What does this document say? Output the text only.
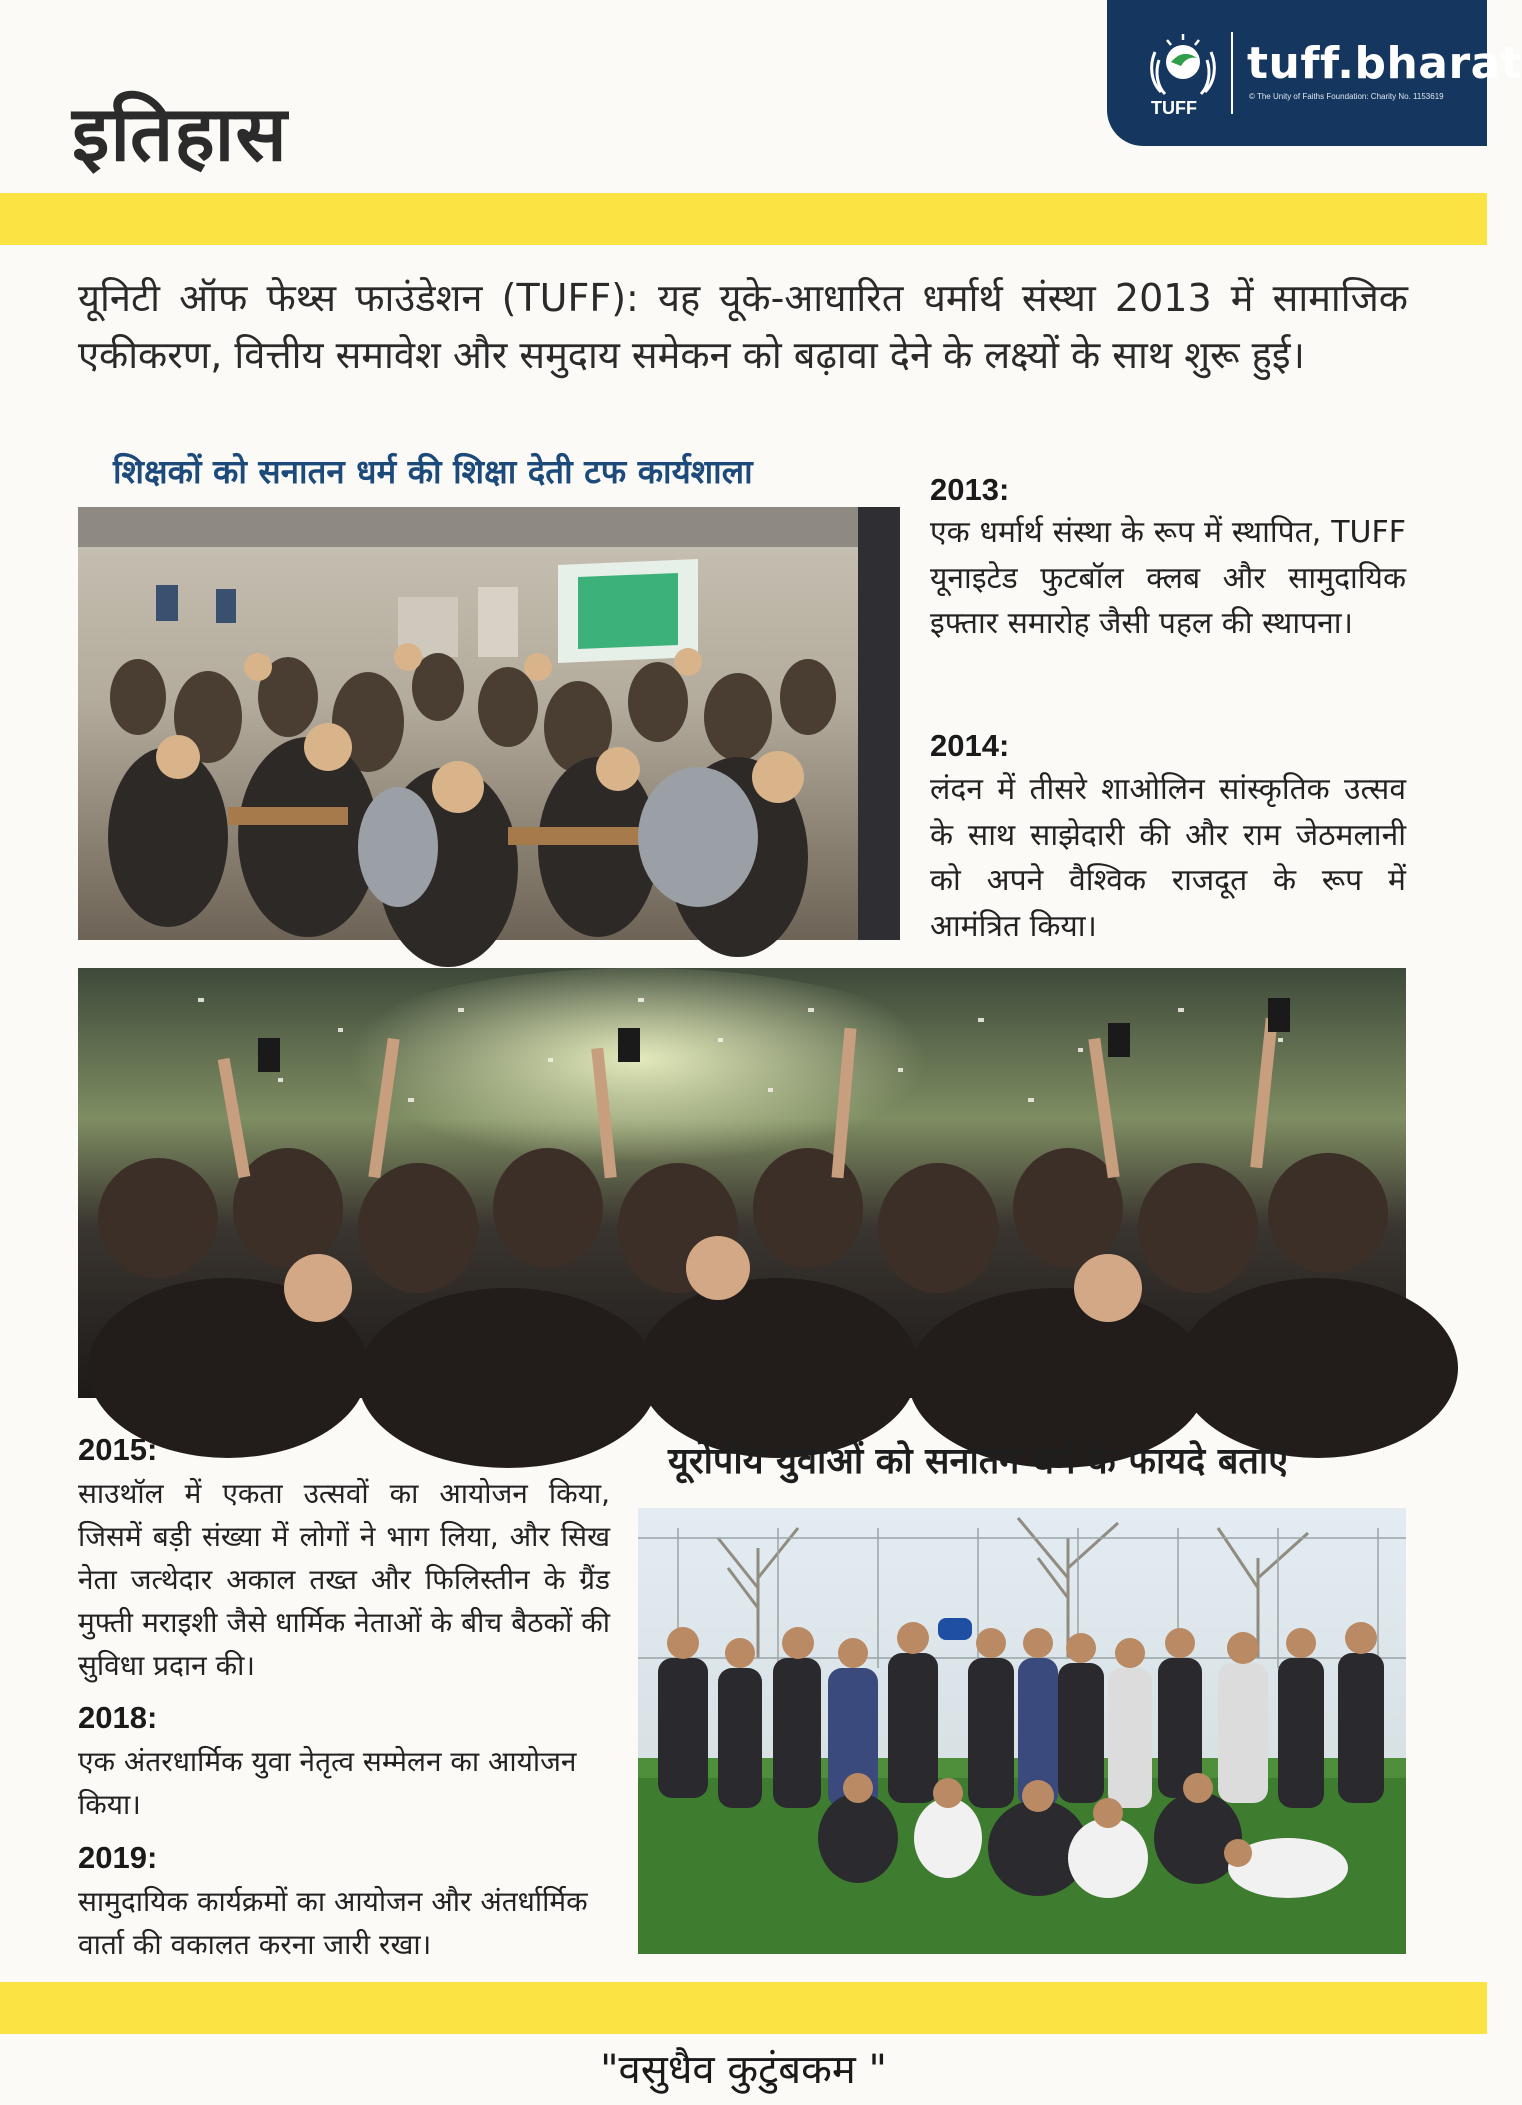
इतिहास	TUFF
tuff.bharat
© The Unity of Faiths Foundation: Charity No. 1153619

यूनिटी ऑफ फेथ्स फाउंडेशन (TUFF): यह यूके-आधारित धर्मार्थ संस्था 2013 में सामाजिक एकीकरण, वित्तीय समावेश और समुदाय समेकन को बढ़ावा देने के लक्ष्यों के साथ शुरू हुई।

शिक्षकों को सनातन धर्म की शिक्षा देती टफ कार्यशाला	2013:

एक धर्मार्थ संस्था के रूप में स्थापित, TUFF यूनाइटेड फुटबॉल क्लब और सामुदायिक इफ्तार समारोह जैसी पहल की स्थापना।

2014:

लंदन में तीसरे शाओलिन सांस्कृतिक उत्सव के साथ साझेदारी की और राम जेठमलानी को अपने वैश्विक राजदूत के रूप में आमंत्रित किया।

2015:

साउथॉल में एकता उत्सवों का आयोजन किया, जिसमें बड़ी संख्या में लोगों ने भाग लिया, और सिख नेता जत्थेदार अकाल तख्त और फिलिस्तीन के ग्रैंड मुफ्ती मराइशी जैसे धार्मिक नेताओं के बीच बैठकों की सुविधा प्रदान की।

2018:

एक अंतरधार्मिक युवा नेतृत्व सम्मेलन का आयोजन किया।

2019:

सामुदायिक कार्यक्रमों का आयोजन और अंतर्धार्मिक वार्ता की वकालत करना जारी रखा।

यूरोपीय युवाओं को सनातन धर्म के फायदे बताए
"वसुधैव कुटुंबकम "
